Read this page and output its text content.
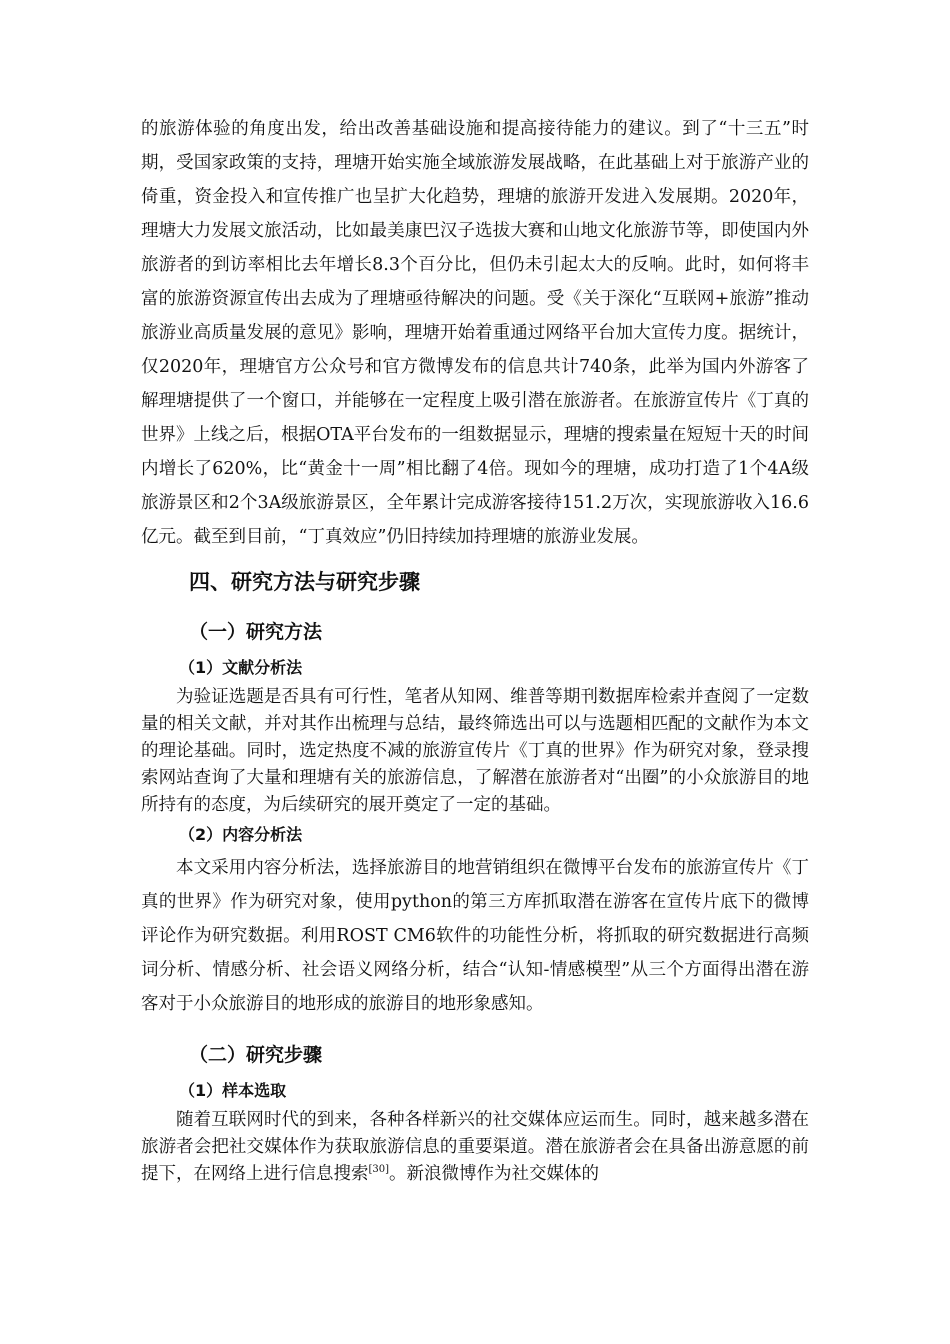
的旅游体验的角度出发，给出改善基础设施和提高接待能力的建议。到了“十三五”时期，受国家政策的支持，理塘开始实施全域旅游发展战略，在此基础上对于旅游产业的倚重，资金投入和宣传推广也呈扩大化趋势，理塘的旅游开发进入发展期。2020年，理塘大力发展文旅活动，比如最美康巴汉子选拔大赛和山地文化旅游节等，即使国内外旅游者的到访率相比去年增长8.3个百分比，但仍未引起太大的反响。此时，如何将丰富的旅游资源宣传出去成为了理塘亟待解决的问题。受《关于深化“互联网+旅游”推动旅游业高质量发展的意见》影响，理塘开始着重通过网络平台加大宣传力度。据统计，仅2020年，理塘官方公众号和官方微博发布的信息共计740条，此举为国内外游客了解理塘提供了一个窗口，并能够在一定程度上吸引潜在旅游者。在旅游宣传片《丁真的世界》上线之后，根据OTA平台发布的一组数据显示，理塘的搜索量在短短十天的时间内增长了620%，比“黄金十一周”相比翻了4倍。现如今的理塘，成功打造了1个4A级旅游景区和2个3A级旅游景区，全年累计完成游客接待151.2万次，实现旅游收入16.6亿元。截至到目前，“丁真效应”仍旧持续加持理塘的旅游业发展。

四、研究方法与研究步骤
（一）研究方法
（1）文献分析法

为验证选题是否具有可行性，笔者从知网、维普等期刊数据库检索并查阅了一定数量的相关文献，并对其作出梳理与总结，最终筛选出可以与选题相匹配的文献作为本文的理论基础。同时，选定热度不减的旅游宣传片《丁真的世界》作为研究对象，登录搜索网站查询了大量和理塘有关的旅游信息，了解潜在旅游者对“出圈”的小众旅游目的地所持有的态度，为后续研究的展开奠定了一定的基础。

（2）内容分析法

本文采用内容分析法，选择旅游目的地营销组织在微博平台发布的旅游宣传片《丁真的世界》作为研究对象，使用python的第三方库抓取潜在游客在宣传片底下的微博评论作为研究数据。利用ROST CM6软件的功能性分析，将抓取的研究数据进行高频词分析、情感分析、社会语义网络分析，结合“认知-情感模型”从三个方面得出潜在游客对于小众旅游目的地形成的旅游目的地形象感知。

（二）研究步骤
（1）样本选取

随着互联网时代的到来，各种各样新兴的社交媒体应运而生。同时，越来越多潜在旅游者会把社交媒体作为获取旅游信息的重要渠道。潜在旅游者会在具备出游意愿的前提下，在网络上进行信息搜索[30]。新浪微博作为社交媒体的
